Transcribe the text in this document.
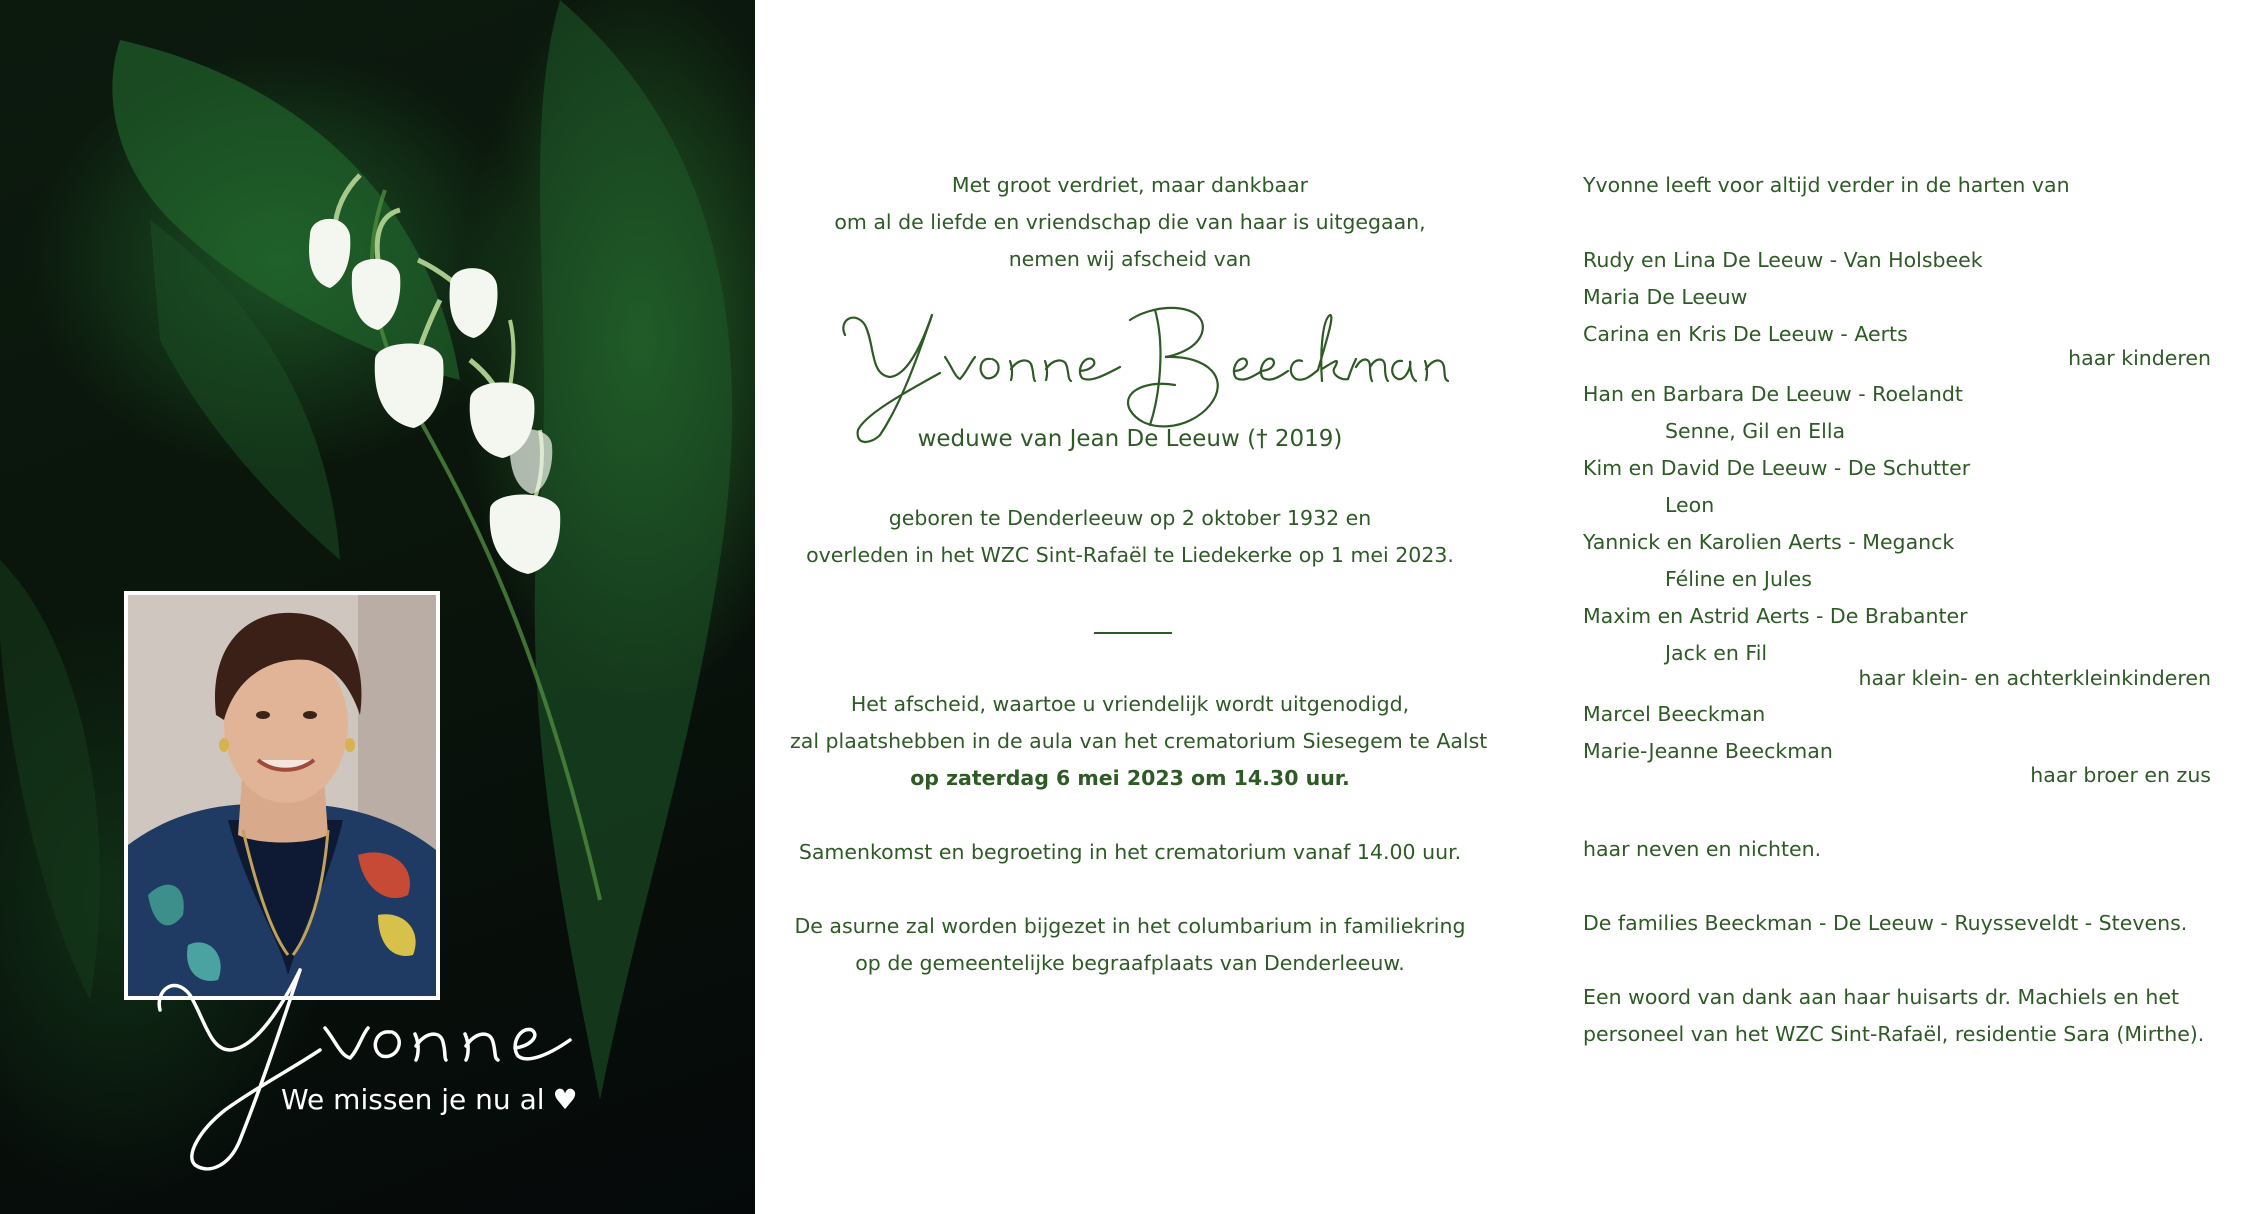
We missen je nu al ♥
Met groot verdriet, maar dankbaar
om al de liefde en vriendschap die van haar is uitgegaan,
nemen wij afscheid van
weduwe van Jean De Leeuw († 2019)
geboren te Denderleeuw op 2 oktober 1932 en
overleden in het WZC Sint-Rafaël te Liedekerke op 1 mei 2023.
Het afscheid, waartoe u vriendelijk wordt uitgenodigd,
zal plaatshebben in de aula van het crematorium Siesegem te Aalst
op zaterdag 6 mei 2023 om 14.30 uur.

Samenkomst en begroeting in het crematorium vanaf 14.00 uur.

De asurne zal worden bijgezet in het columbarium in familiekring
op de gemeentelijke begraafplaats van Denderleeuw.
Yvonne leeft voor altijd verder in de harten van
Rudy en Lina De Leeuw - Van Holsbeek
Maria De Leeuw
Carina en Kris De Leeuw - Aerts
haar kinderen
Han en Barbara De Leeuw - Roelandt
Senne, Gil en Ella
Kim en David De Leeuw - De Schutter
Leon
Yannick en Karolien Aerts - Meganck
Féline en Jules
Maxim en Astrid Aerts - De Brabanter
Jack en Fil
haar klein- en achterkleinkinderen
Marcel Beeckman
Marie-Jeanne Beeckman
haar broer en zus
haar neven en nichten.
De families Beeckman - De Leeuw - Ruysseveldt - Stevens.
Een woord van dank aan haar huisarts dr. Machiels en het
personeel van het WZC Sint-Rafaël, residentie Sara (Mirthe).
